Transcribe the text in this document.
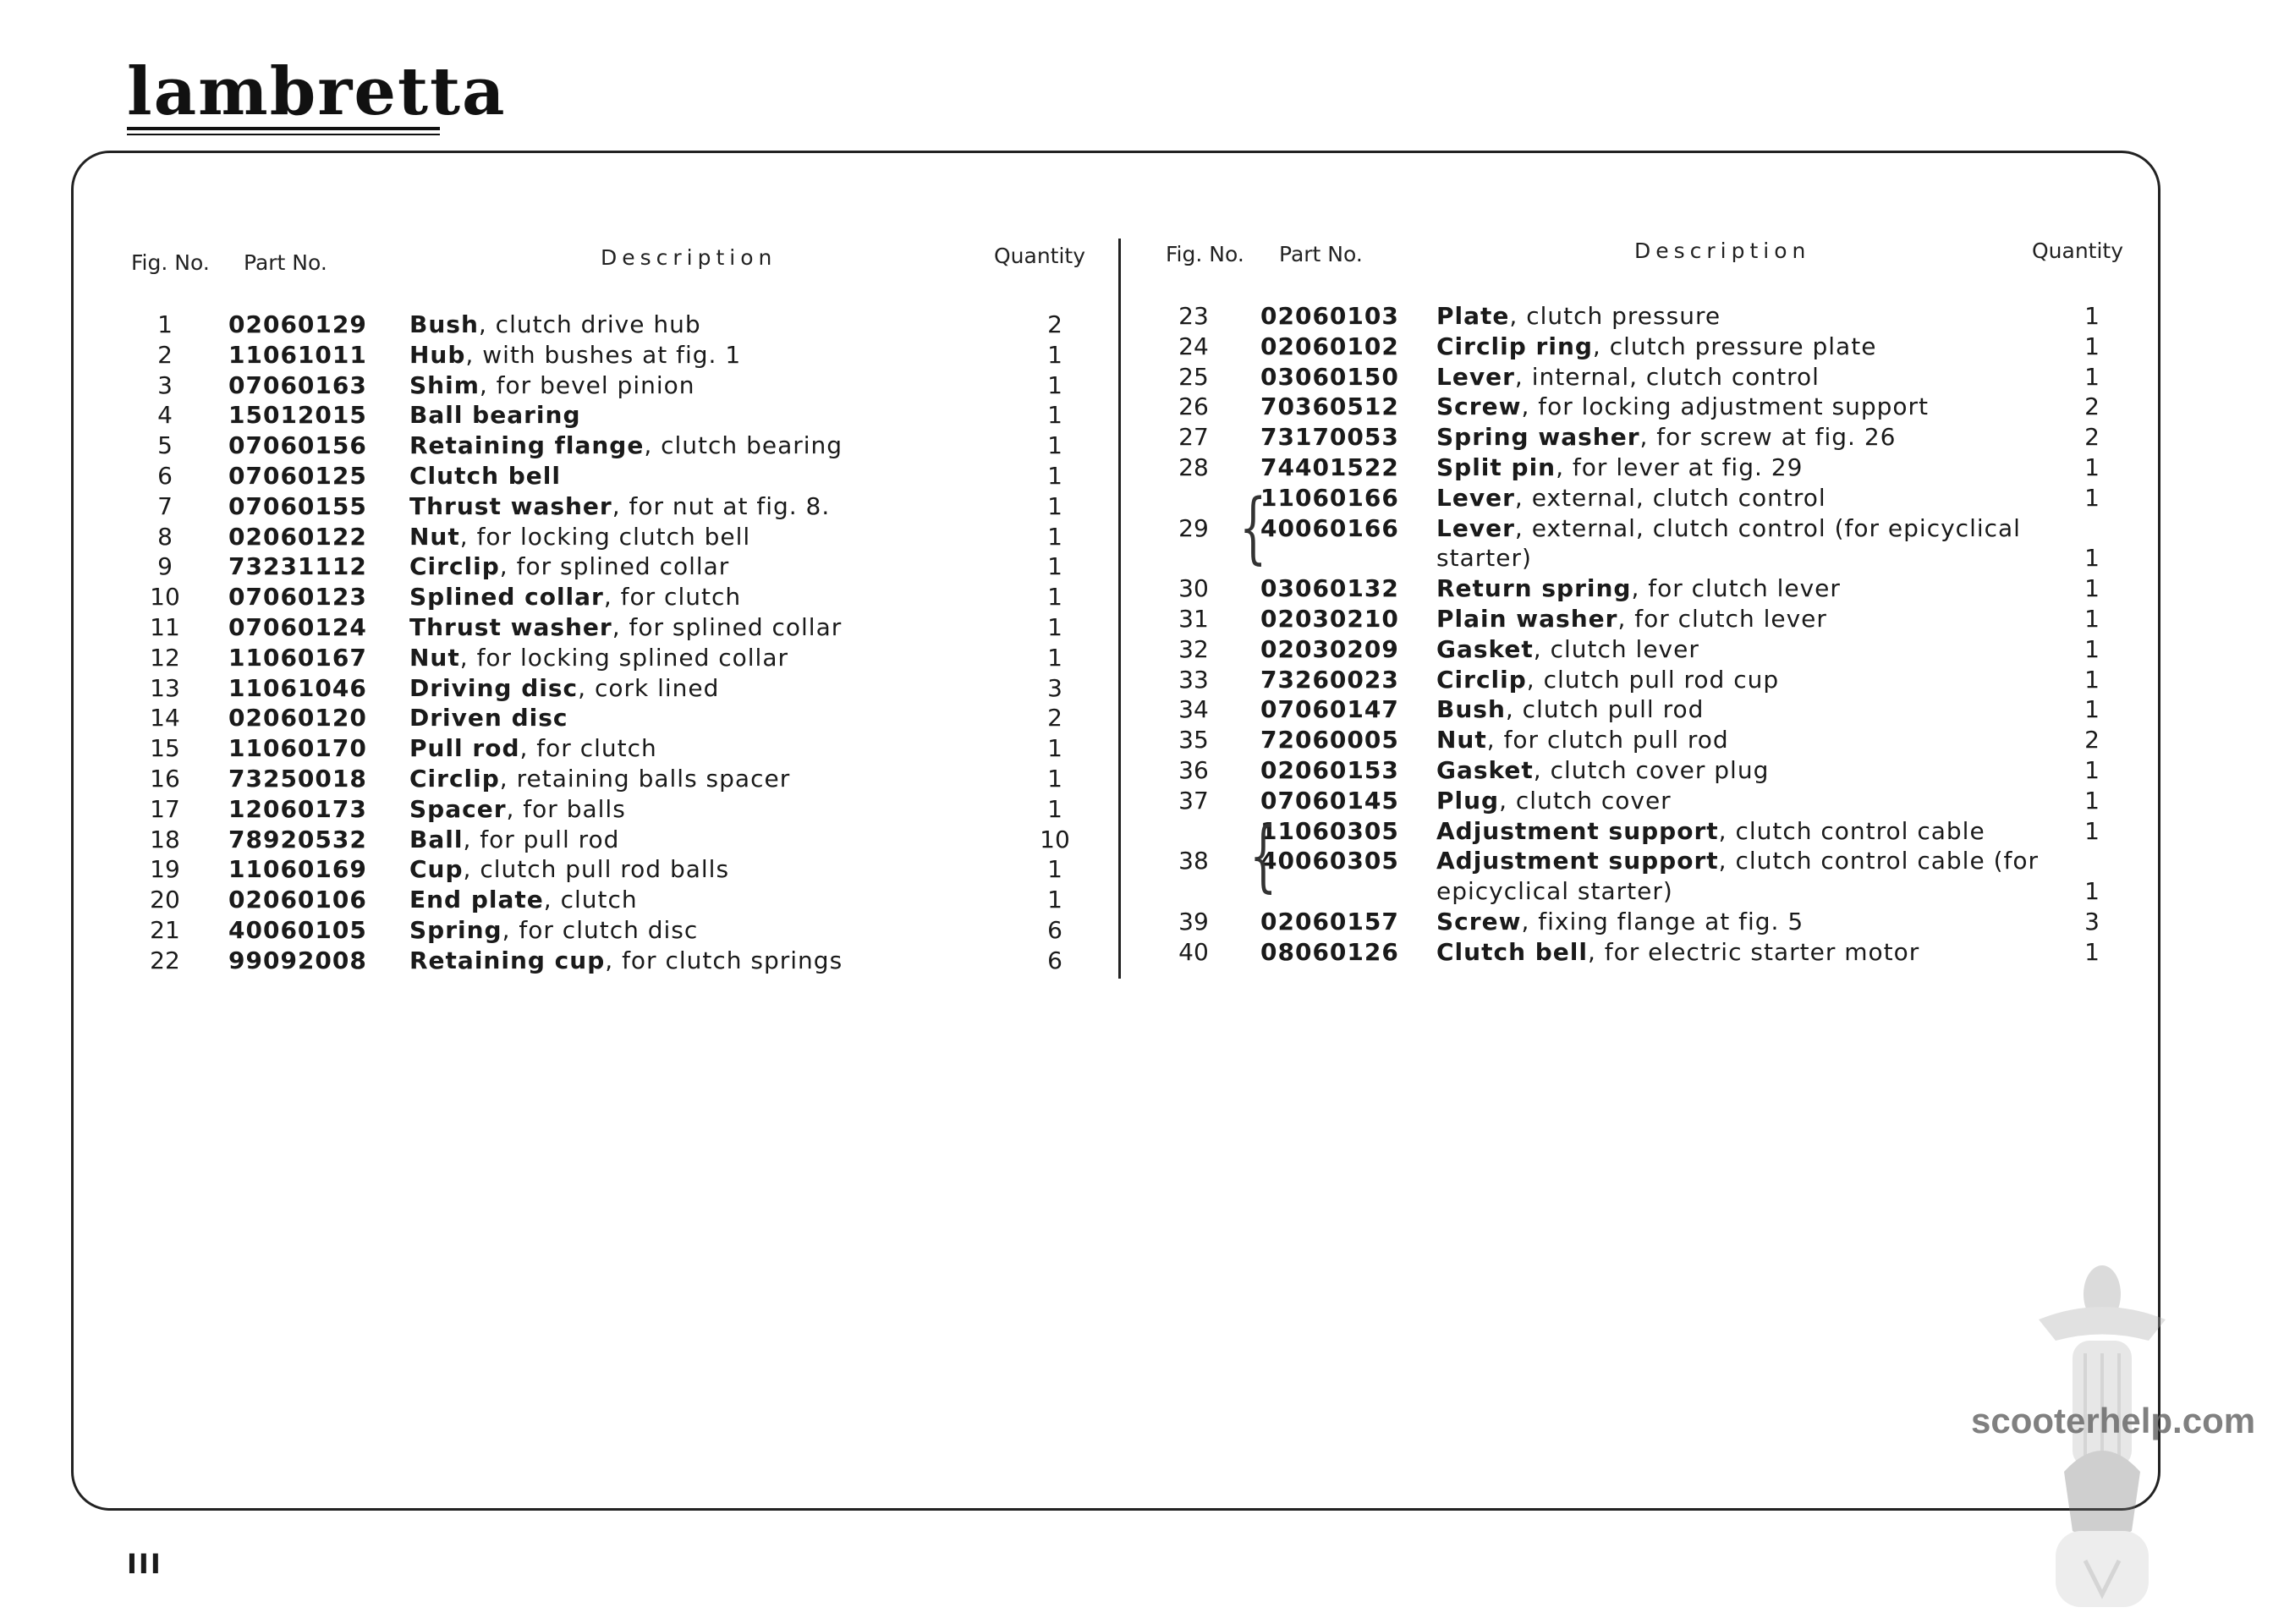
lambretta
Fig. No. Part No.	Description	Quantity	Fig. No. Part No.	Description	Quantity
1	02060129 Bush, clutch drive hub	2
2	11061011 Hub, with bushes at fig. 1	1
3	07060163 Shim, for bevel pinion	1
4	15012015 Ball bearing	1
5	07060156 Retaining flange, clutch bearing	1
6	07060125 Clutch bell	1
7	07060155 Thrust washer, for nut at fig. 8.	1
8	02060122 Nut, for locking clutch bell	1
9	73231112 Circlip, for splined collar	1
10	07060123 Splined collar, for clutch	1
11	07060124 Thrust washer, for splined collar	1
12	11060167 Nut, for locking splined collar	1
13	11061046 Driving disc, cork lined	3
14	02060120 Driven disc	2
15	11060170 Pull rod, for clutch	1
16	73250018 Circlip, retaining balls spacer	1
17	12060173 Spacer, for balls	1
18	78920532 Ball, for pull rod	10
19	11060169 Cup, clutch pull rod balls	1
20	02060106 End plate, clutch	1
21	40060105 Spring, for clutch disc	6
22	99092008 Retaining cup, for clutch springs	6
23	02060103 Plate, clutch pressure	1
24	02060102 Circlip ring, clutch pressure plate	1
25	03060150 Lever, internal, clutch control	1
26	70360512 Screw, for locking adjustment support	2
27	73170053 Spring washer, for screw at fig. 26	2
28	74401522 Split pin, for lever at fig. 29	1
11060166 Lever, external, clutch control	1
29	40060166 Lever, external, clutch control (for epicyclical
starter)	1
30	03060132 Return spring, for clutch lever	1
31	02030210 Plain washer, for clutch lever	1
32	02030209 Gasket, clutch lever	1
33	73260023 Circlip, clutch pull rod cup	1
34	07060147 Bush, clutch pull rod	1
35	72060005 Nut, for clutch pull rod	2
36	02060153 Gasket, clutch cover plug	1
37	07060145 Plug, clutch cover	1
11060305 Adjustment support, clutch control cable	1
38	40060305 Adjustment support, clutch control cable (for
epicyclical starter)	1
39	02060157 Screw, fixing flange at fig. 5	3
40	08060126 Clutch bell, for electric starter motor	1
{
{
III
scooterhelp.com
